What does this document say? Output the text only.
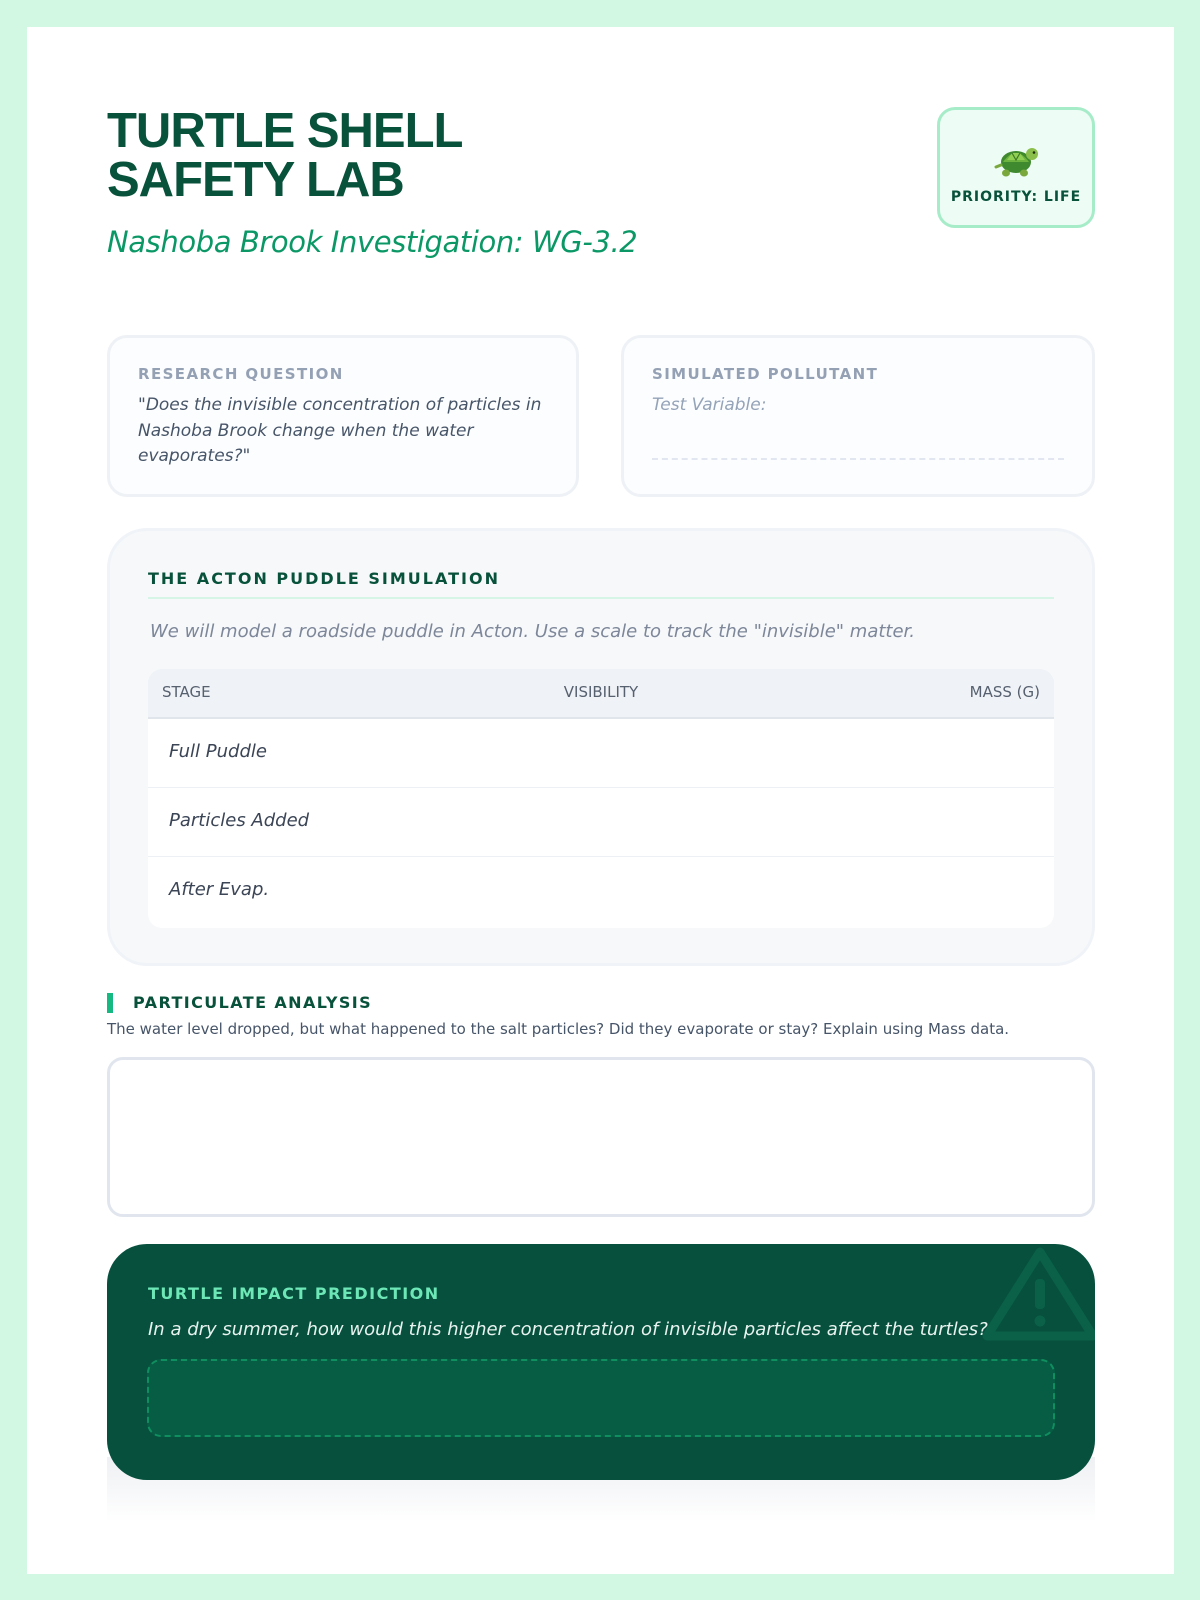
TURTLE SHELL SAFETY LAB
Nashoba Brook Investigation: WG-3.2
PRIORITY: LIFE
RESEARCH QUESTION
"Does the invisible concentration of particles in Nashoba Brook change when the water evaporates?"
SIMULATED POLLUTANT
Test Variable:
THE ACTON PUDDLE SIMULATION
We will model a roadside puddle in Acton. Use a scale to track the "invisible" matter.
STAGE	VISIBILITY	MASS (G)
Full Puddle
Particles Added
After Evap.
PARTICULATE ANALYSIS
The water level dropped, but what happened to the salt particles? Did they evaporate or stay? Explain using Mass data.
TURTLE IMPACT PREDICTION
In a dry summer, how would this higher concentration of invisible particles affect the turtles?
